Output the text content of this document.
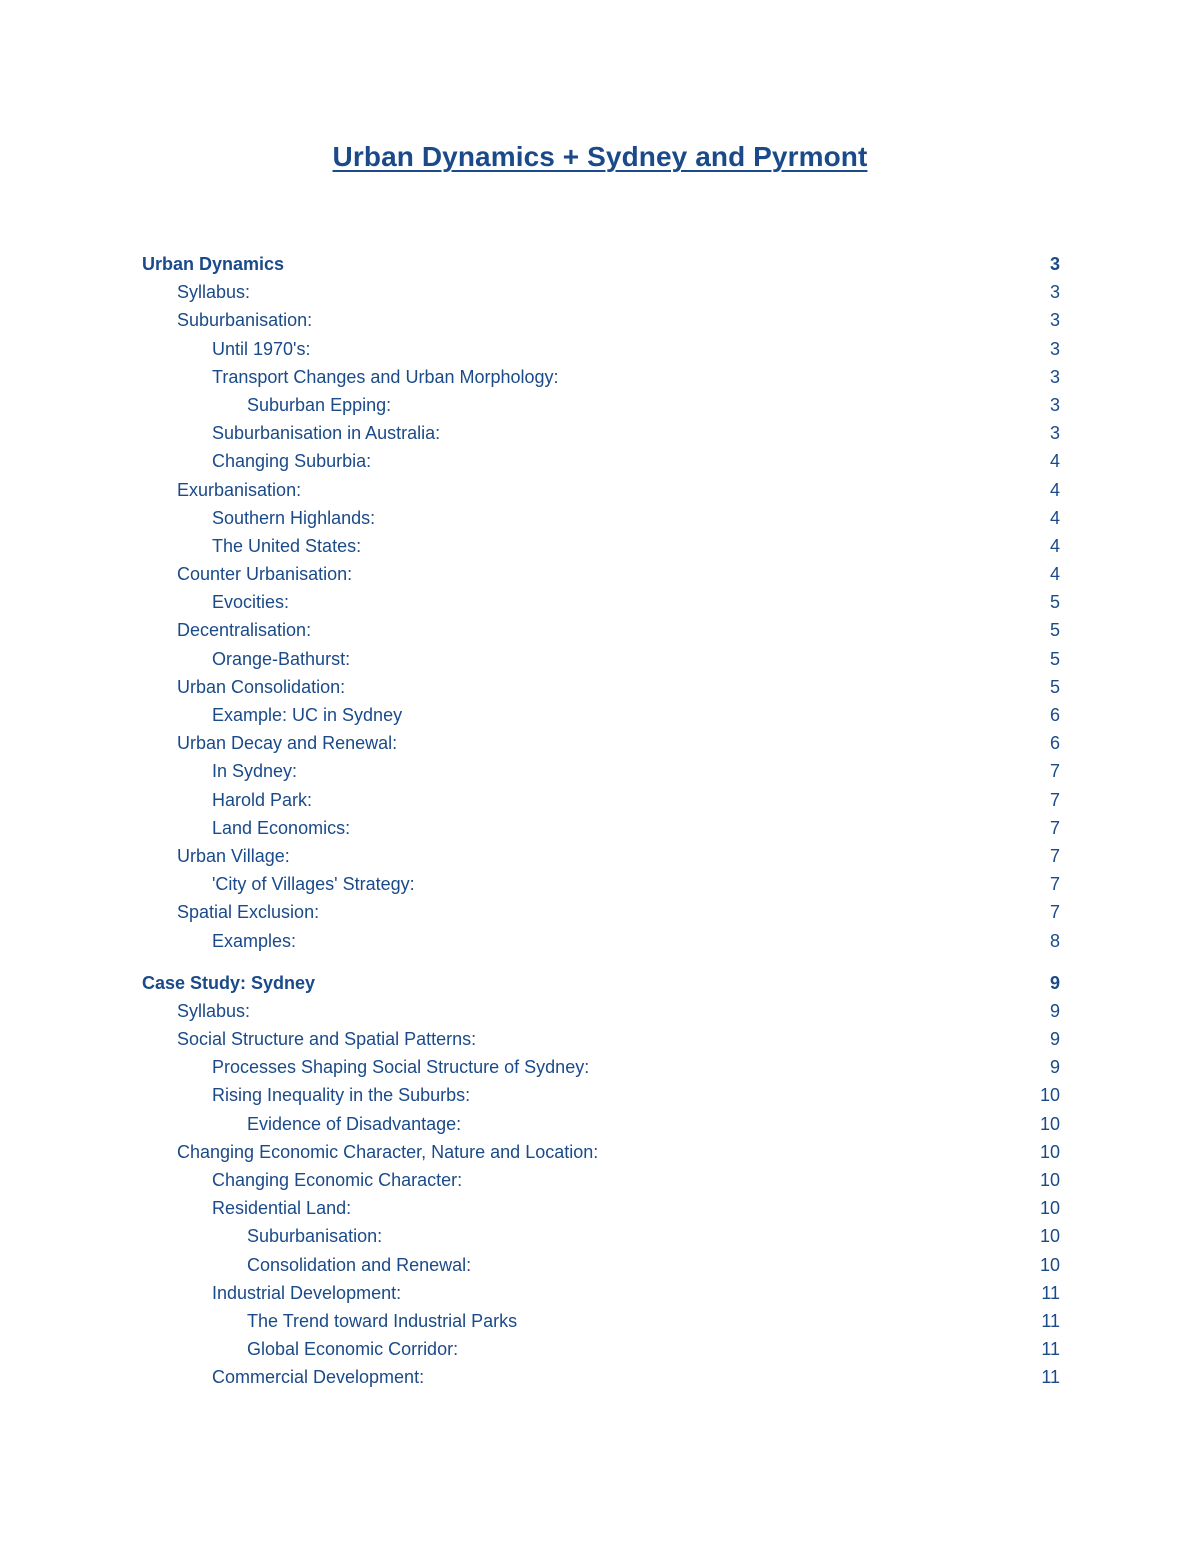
Urban Dynamics + Sydney and Pyrmont
Urban Dynamics	3
Syllabus:	3
Suburbanisation:	3
Until 1970's:	3
Transport Changes and Urban Morphology:	3
Suburban Epping:	3
Suburbanisation in Australia:	3
Changing Suburbia:	4
Exurbanisation:	4
Southern Highlands:	4
The United States:	4
Counter Urbanisation:	4
Evocities:	5
Decentralisation:	5
Orange-Bathurst:	5
Urban Consolidation:	5
Example: UC in Sydney	6
Urban Decay and Renewal:	6
In Sydney:	7
Harold Park:	7
Land Economics:	7
Urban Village:	7
'City of Villages' Strategy:	7
Spatial Exclusion:	7
Examples:	8
Case Study: Sydney	9
Syllabus:	9
Social Structure and Spatial Patterns:	9
Processes Shaping Social Structure of Sydney:	9
Rising Inequality in the Suburbs:	10
Evidence of Disadvantage:	10
Changing Economic Character, Nature and Location:	10
Changing Economic Character:	10
Residential Land:	10
Suburbanisation:	10
Consolidation and Renewal:	10
Industrial Development:	11
The Trend toward Industrial Parks	11
Global Economic Corridor:	11
Commercial Development:	11
